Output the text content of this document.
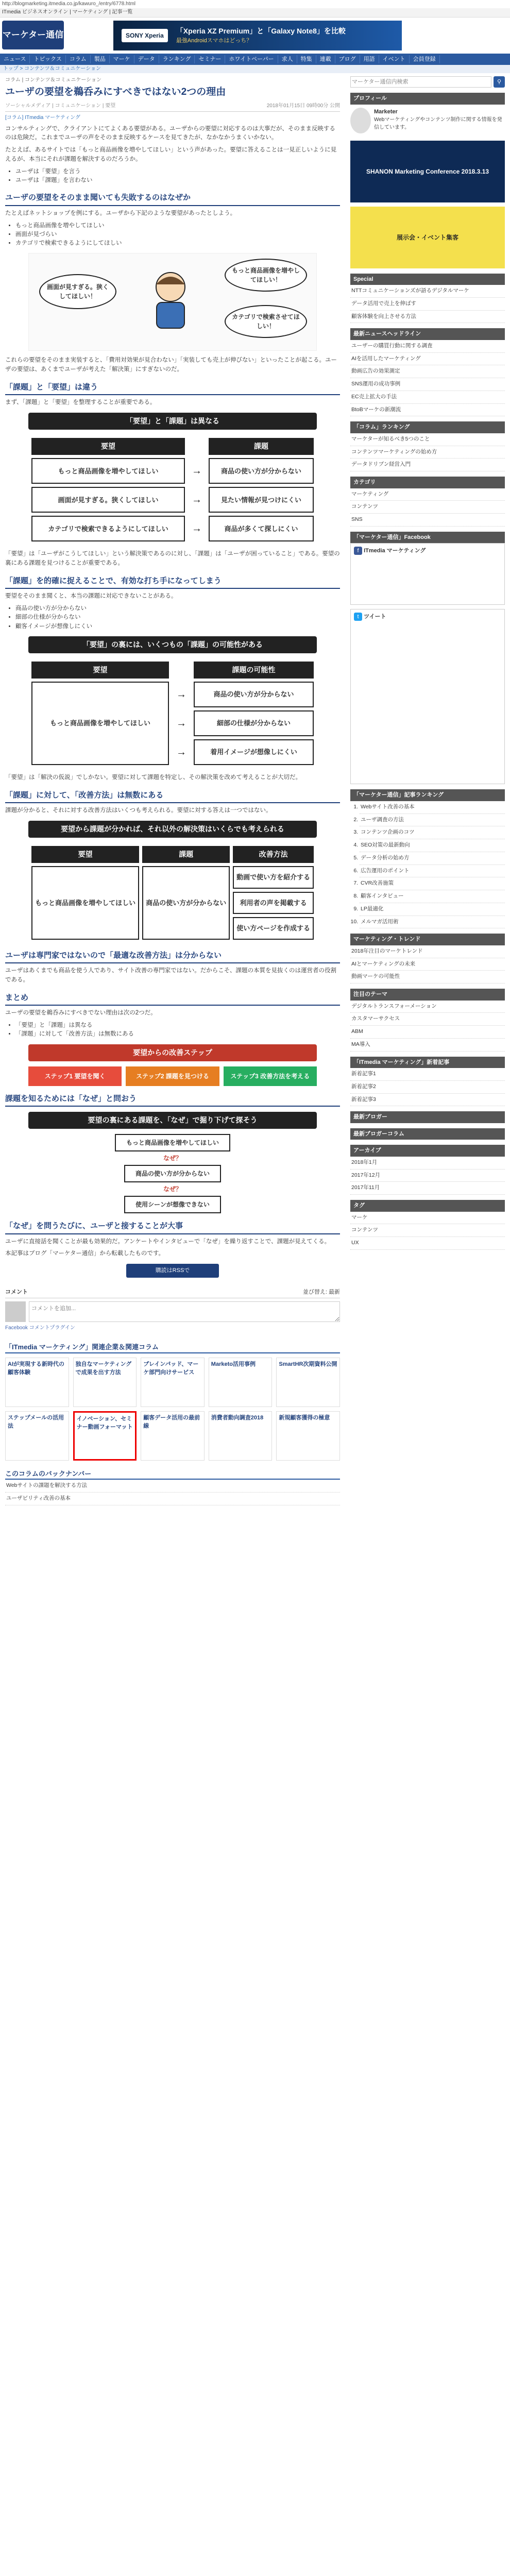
http://blogmarketing.itmedia.co.jp/kawuro_/entry/6778.html
ITmedia ビジネスオンライン | マーケティング | 記事一覧
マーケター通信	SONY Xperia
「Xperia XZ Premium」と「Galaxy Note8」を比較
最強Androidスマホはどっち？
ニュース	トピックス	コラム	製品	マーケ	データ	ランキング	セミナー	ホワイトペーパー	求人	特集	連載	ブログ	用語	イベント	会員登録
トップ > コンテンツ＆コミュニケーション
コラム | コンテンツ＆コミュニケーション
ユーザの要望を鵜呑みにすべきではない2つの理由
ソーシャルメディア | コミュニケーション | 要望	2018年01月15日 09時00分 公開
[コラム] ITmedia マーケティング

コンサルティングで、クライアントにてよくある要望がある。ユーザからの要望に対応するのは大事だが、そのまま反映するのは危険だ。これまでユーザの声をそのまま反映するケースを見てきたが、なかなかうまくいかない。

たとえば、あるサイトでは「もっと商品画像を増やしてほしい」という声があった。要望に答えることは一見正しいように見えるが、本当にそれが課題を解決するのだろうか。

• ユーザは「要望」を言う
• ユーザは「課題」を言わない
ユーザの要望をそのまま聞いても失敗するのはなぜか

たとえばネットショップを例にする。ユーザから下記のような要望があったとしよう。

• もっと商品画像を増やしてほしい
• 画面が見づらい
• カテゴリで検索できるようにしてほしい
画面が見すぎる。狭くしてほしい！
もっと商品画像を増やしてほしい！
カテゴリで検索させてほしい！

これらの要望をそのまま実装すると、「費用対効果が見合わない」「実装しても売上が伸びない」といったことが起こる。ユーザの要望は、あくまでユーザが考えた「解決策」にすぎないのだ。

「課題」と「要望」は違う

まず、「課題」と「要望」を整理することが重要である。

「要望」と「課題」は異なる
要望		課題
もっと商品画像を増やしてほしい	→	商品の使い方が分からない
画面が見すぎる。狭くしてほしい	→	見たい情報が見つけにくい
カテゴリで検索できるようにしてほしい	→	商品が多くて探しにくい

「要望」は「ユーザがこうしてほしい」という解決策であるのに対し、「課題」は「ユーザが困っていること」である。要望の裏にある課題を見つけることが重要である。

「課題」を的確に捉えることで、有効な打ち手になってしまう

要望をそのまま聞くと、本当の課題に対応できないことがある。

• 商品の使い方が分からない
• 細部の仕様が分からない
• 顧客イメージが想像しにくい
「要望」の裏には、いくつもの「課題」の可能性がある
要望		課題の可能性
もっと商品画像を増やしてほしい	→	商品の使い方が分からない
	→	細部の仕様が分からない
	→	着用イメージが想像しにくい

「要望」は「解決の仮説」でしかない。要望に対して課題を特定し、その解決策を改めて考えることが大切だ。

「課題」に対して、「改善方法」は無数にある

課題が分かると、それに対する改善方法はいくつも考えられる。要望に対する答えは一つではない。

要望から課題が分かれば、それ以外の解決策はいくらでも考えられる
要望	課題	改善方法
もっと商品画像を増やしてほしい	商品の使い方が分からない	動画で使い方を紹介する
		利用者の声を掲載する
		使い方ページを作成する
ユーザは専門家ではないので「最適な改善方法」は分からない

ユーザはあくまでも商品を使う人であり、サイト改善の専門家ではない。だからこそ、課題の本質を見抜くのは運営者の役割である。

まとめ

ユーザの要望を鵜呑みにすべきでない理由は次の2つだ。

• 「要望」と「課題」は異なる
• 「課題」に対して「改善方法」は無数にある
要望からの改善ステップ
ステップ1 要望を聞く	ステップ2 課題を見つける	ステップ3 改善方法を考える
課題を知るためには「なぜ」と問おう
要望の裏にある課題を、「なぜ」で掘り下げて探そう
もっと商品画像を増やしてほしい
なぜ？
商品の使い方が分からない
なぜ？
使用シーンが想像できない
「なぜ」を問うたびに、ユーザと接することが大事

ユーザに直接話を聞くことが最も効果的だ。アンケートやインタビューで「なぜ」を繰り返すことで、課題が見えてくる。

本記事はブログ「マーケター通信」から転載したものです。

購読はRSSで
コメント	並び替え: 最新
コメントを追加...
Facebook コメントプラグイン
「ITmedia マーケティング」関連企業＆関連コラム
AIが実現する新時代の顧客体験
独自なマーケティングで成果を出す方法
ブレインパッド、マーケ部門向けサービス
Marketo活用事例	SmartHR次期資料公開
ステップメールの活用法
イノベーション、セミナー動画フォーマット
顧客データ活用の最前線
消費者動向調査2018	新規顧客獲得の極意
このコラムのバックナンバー
Webサイトの課題を解決する方法
ユーザビリティ改善の基本
マーケター通信内検索
⚲
プロフィール
Marketer
Webマーケティングやコンテンツ制作に関する情報を発信しています。
SHANON Marketing Conference 2018.3.13
展示会・イベント集客
Special
NTTコミュニケーションズが語るデジタルマーケ
データ活用で売上を伸ばす
顧客体験を向上させる方法
最新ニュースヘッドライン
ユーザーの購買行動に関する調査
AIを活用したマーケティング
動画広告の効果測定
SNS運用の成功事例
EC売上拡大の手法
BtoBマーケの新潮流
「コラム」ランキング
マーケターが知るべき5つのこと
コンテンツマーケティングの始め方
データドリブン経営入門
カテゴリ
マーケティング
コンテンツ
SNS
「マーケター通信」Facebook
f ITmedia マーケティング
t ツイート
「マーケター通信」記事ランキング
1. Webサイト改善の基本
2. ユーザ調査の方法
3. コンテンツ企画のコツ
4. SEO対策の最新動向
5. データ分析の始め方
6. 広告運用のポイント
7. CVR改善施策
8. 顧客インタビュー
9. LP最適化
10. メルマガ活用術
マーケティング・トレンド
2018年注目のマーケトレンド
AIとマーケティングの未来
動画マーケの可能性
注目のテーマ
デジタルトランスフォーメーション
カスタマーサクセス
ABM
MA導入
「ITmedia マーケティング」新着記事
新着記事1
新着記事2
新着記事3
最新ブロガー
最新ブロガーコラム
アーカイブ
2018年1月
2017年12月
2017年11月
タグ
マーケ
コンテンツ
UX
